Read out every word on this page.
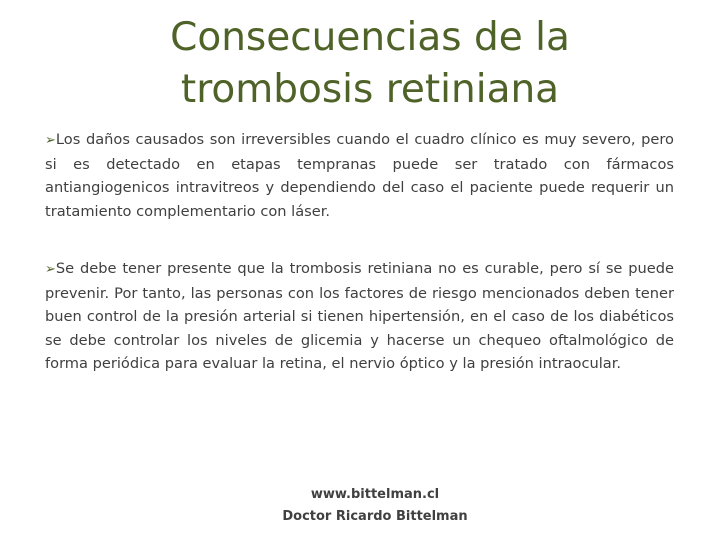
Consecuencias de la
trombosis retiniana
➢Los daños causados son irreversibles cuando el cuadro clínico es muy severo, pero si es detectado en etapas tempranas puede ser tratado con fármacos antiangiogenicos intravitreos y dependiendo del caso el paciente puede requerir un tratamiento complementario con láser.
➢Se debe tener presente que la trombosis retiniana no es curable, pero sí se puede prevenir. Por tanto, las personas con los factores de riesgo mencionados deben tener buen control de la presión arterial si tienen hipertensión, en el caso de los diabéticos se debe controlar los niveles de glicemia y hacerse un chequeo oftalmológico de forma periódica para evaluar la retina, el nervio óptico y la presión intraocular.
www.bittelman.cl
Doctor Ricardo Bittelman
